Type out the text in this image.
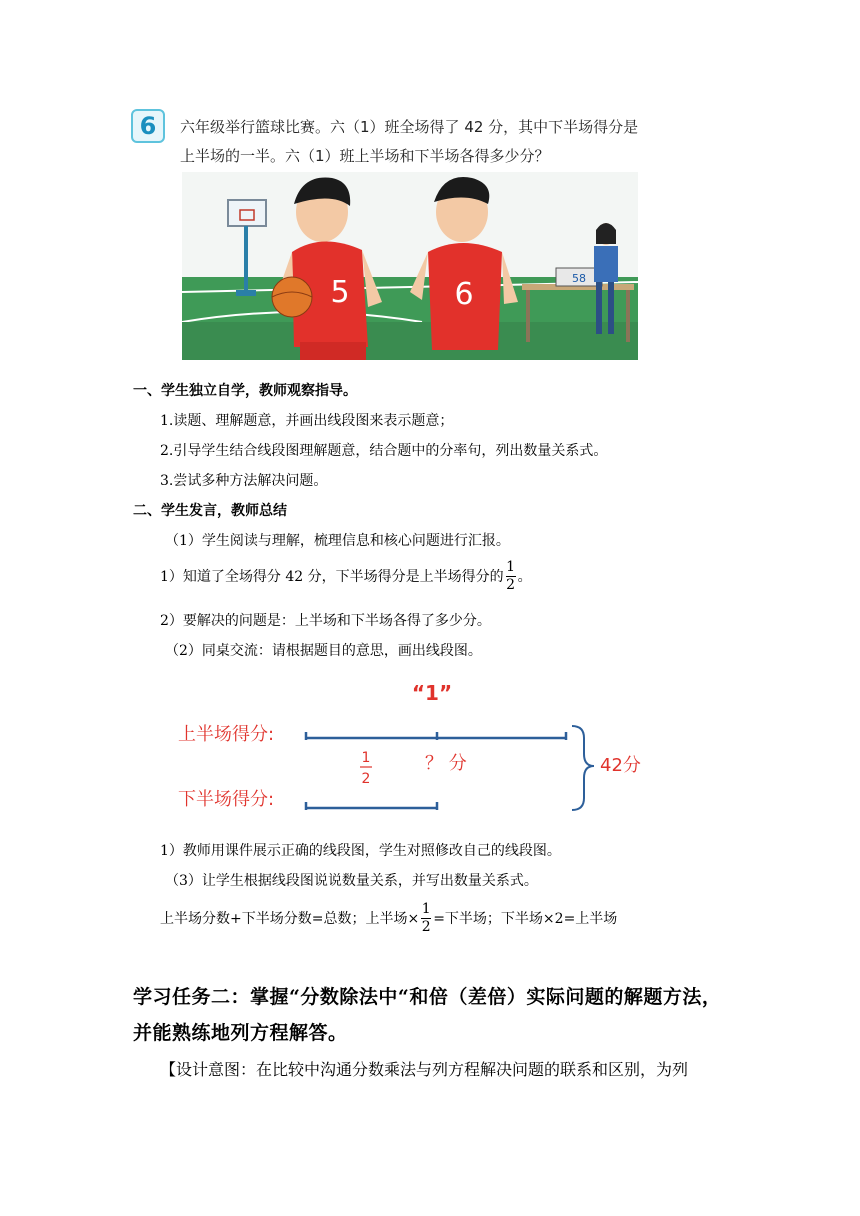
6	六年级举行篮球比赛。六（1）班全场得了 42 分，其中下半场得分是
上半场的一半。六（1）班上半场和下半场各得多少分？
5	6	58
一、学生独立自学，教师观察指导。
1.读题、理解题意，并画出线段图来表示题意；
2.引导学生结合线段图理解题意，结合题中的分率句，列出数量关系式。
3.尝试多种方法解决问题。
二、学生发言，教师总结
（1）学生阅读与理解，梳理信息和核心问题进行汇报。
1）知道了全场得分 42 分，下半场得分是上半场得分的 $\frac{1}{2}$ 。
2）要解决的问题是：上半场和下半场各得了多少分。
（2）同桌交流：请根据题目的意思，画出线段图。
“1”
上半场得分:
1
2
？ 分
下半场得分:
42分
1）教师用课件展示正确的线段图，学生对照修改自己的线段图。
（3）让学生根据线段图说说数量关系，并写出数量关系式。
上半场分数+下半场分数=总数；上半场× $\frac{1}{2}$ =下半场；下半场×2=上半场
学习任务二：掌握“分数除法中“和倍（差倍）实际问题的解题方法，
并能熟练地列方程解答。
【设计意图：在比较中沟通分数乘法与列方程解决问题的联系和区别，为列
